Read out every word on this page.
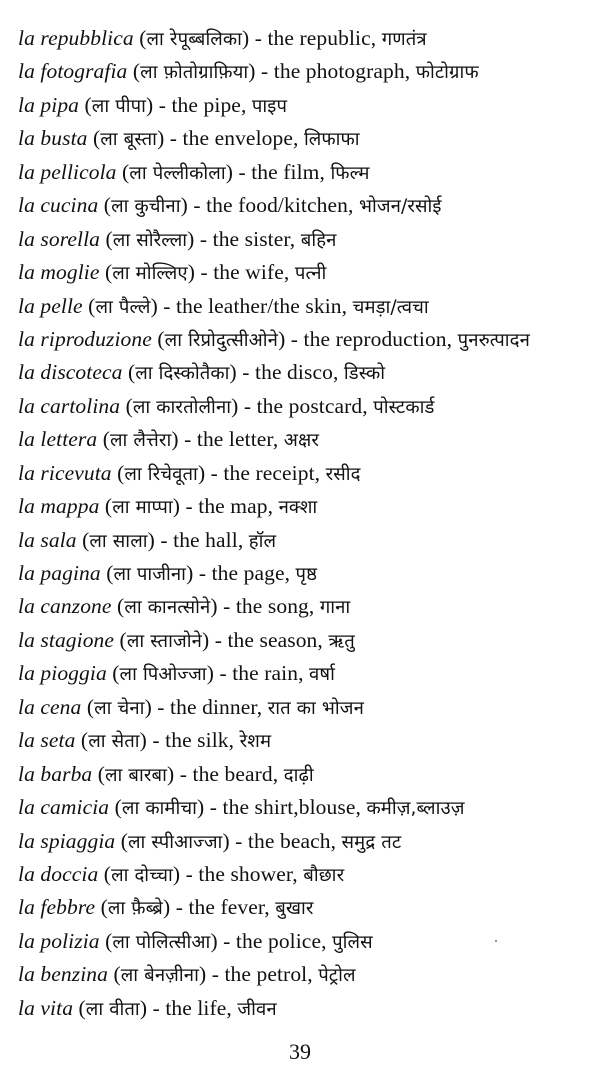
la repubblica (ला रेपूब्बलिका) - the republic, गणतंत्र
la fotografia (ला फ़ोतोग्राफ़िया) - the photograph, फोटोग्राफ
la pipa (ला पीपा) - the pipe, पाइप
la busta (ला बूस्ता) - the envelope, लिफाफा
la pellicola (ला पेल्लीकोला) - the film, फिल्म
la cucina (ला कुचीना) - the food/kitchen, भोजन/रसोई
la sorella (ला सोरैल्ला) - the sister, बहिन
la moglie (ला मोल्लिए) - the wife, पत्नी
la pelle (ला पैल्ले) - the leather/the skin, चमड़ा/त्वचा
la riproduzione (ला रिप्रोदुत्सीओने) - the reproduction, पुनरुत्पादन
la discoteca (ला दिस्कोतैका) - the disco, डिस्को
la cartolina (ला कारतोलीना) - the postcard, पोस्टकार्ड
la lettera (ला लैत्तेरा) - the letter, अक्षर
la ricevuta (ला रिचेवूता) - the receipt, रसीद
la mappa (ला माप्पा) - the map, नक्शा
la sala (ला साला) - the hall, हॉल
la pagina (ला पाजीना) - the page, पृष्ठ
la canzone (ला कानत्सोने) - the song, गाना
la stagione (ला स्ताजोने) - the season, ऋतु
la pioggia (ला पिओज्जा) - the rain, वर्षा
la cena (ला चेना) - the dinner, रात का भोजन
la seta (ला सेता) - the silk, रेशम
la barba (ला बारबा) - the beard, दाढ़ी
la camicia (ला कामीचा) - the shirt,blouse, कमीज़,ब्लाउज़
la spiaggia (ला स्पीआज्जा) - the beach, समुद्र तट
la doccia (ला दोच्चा) - the shower, बौछार
la febbre (ला फ़ैब्ब्रे) - the fever, बुखार
la polizia (ला पोलित्सीआ) - the police, पुलिस
la benzina (ला बेनज़ीना) - the petrol, पेट्रोल
la vita (ला वीता) - the life, जीवन
39
